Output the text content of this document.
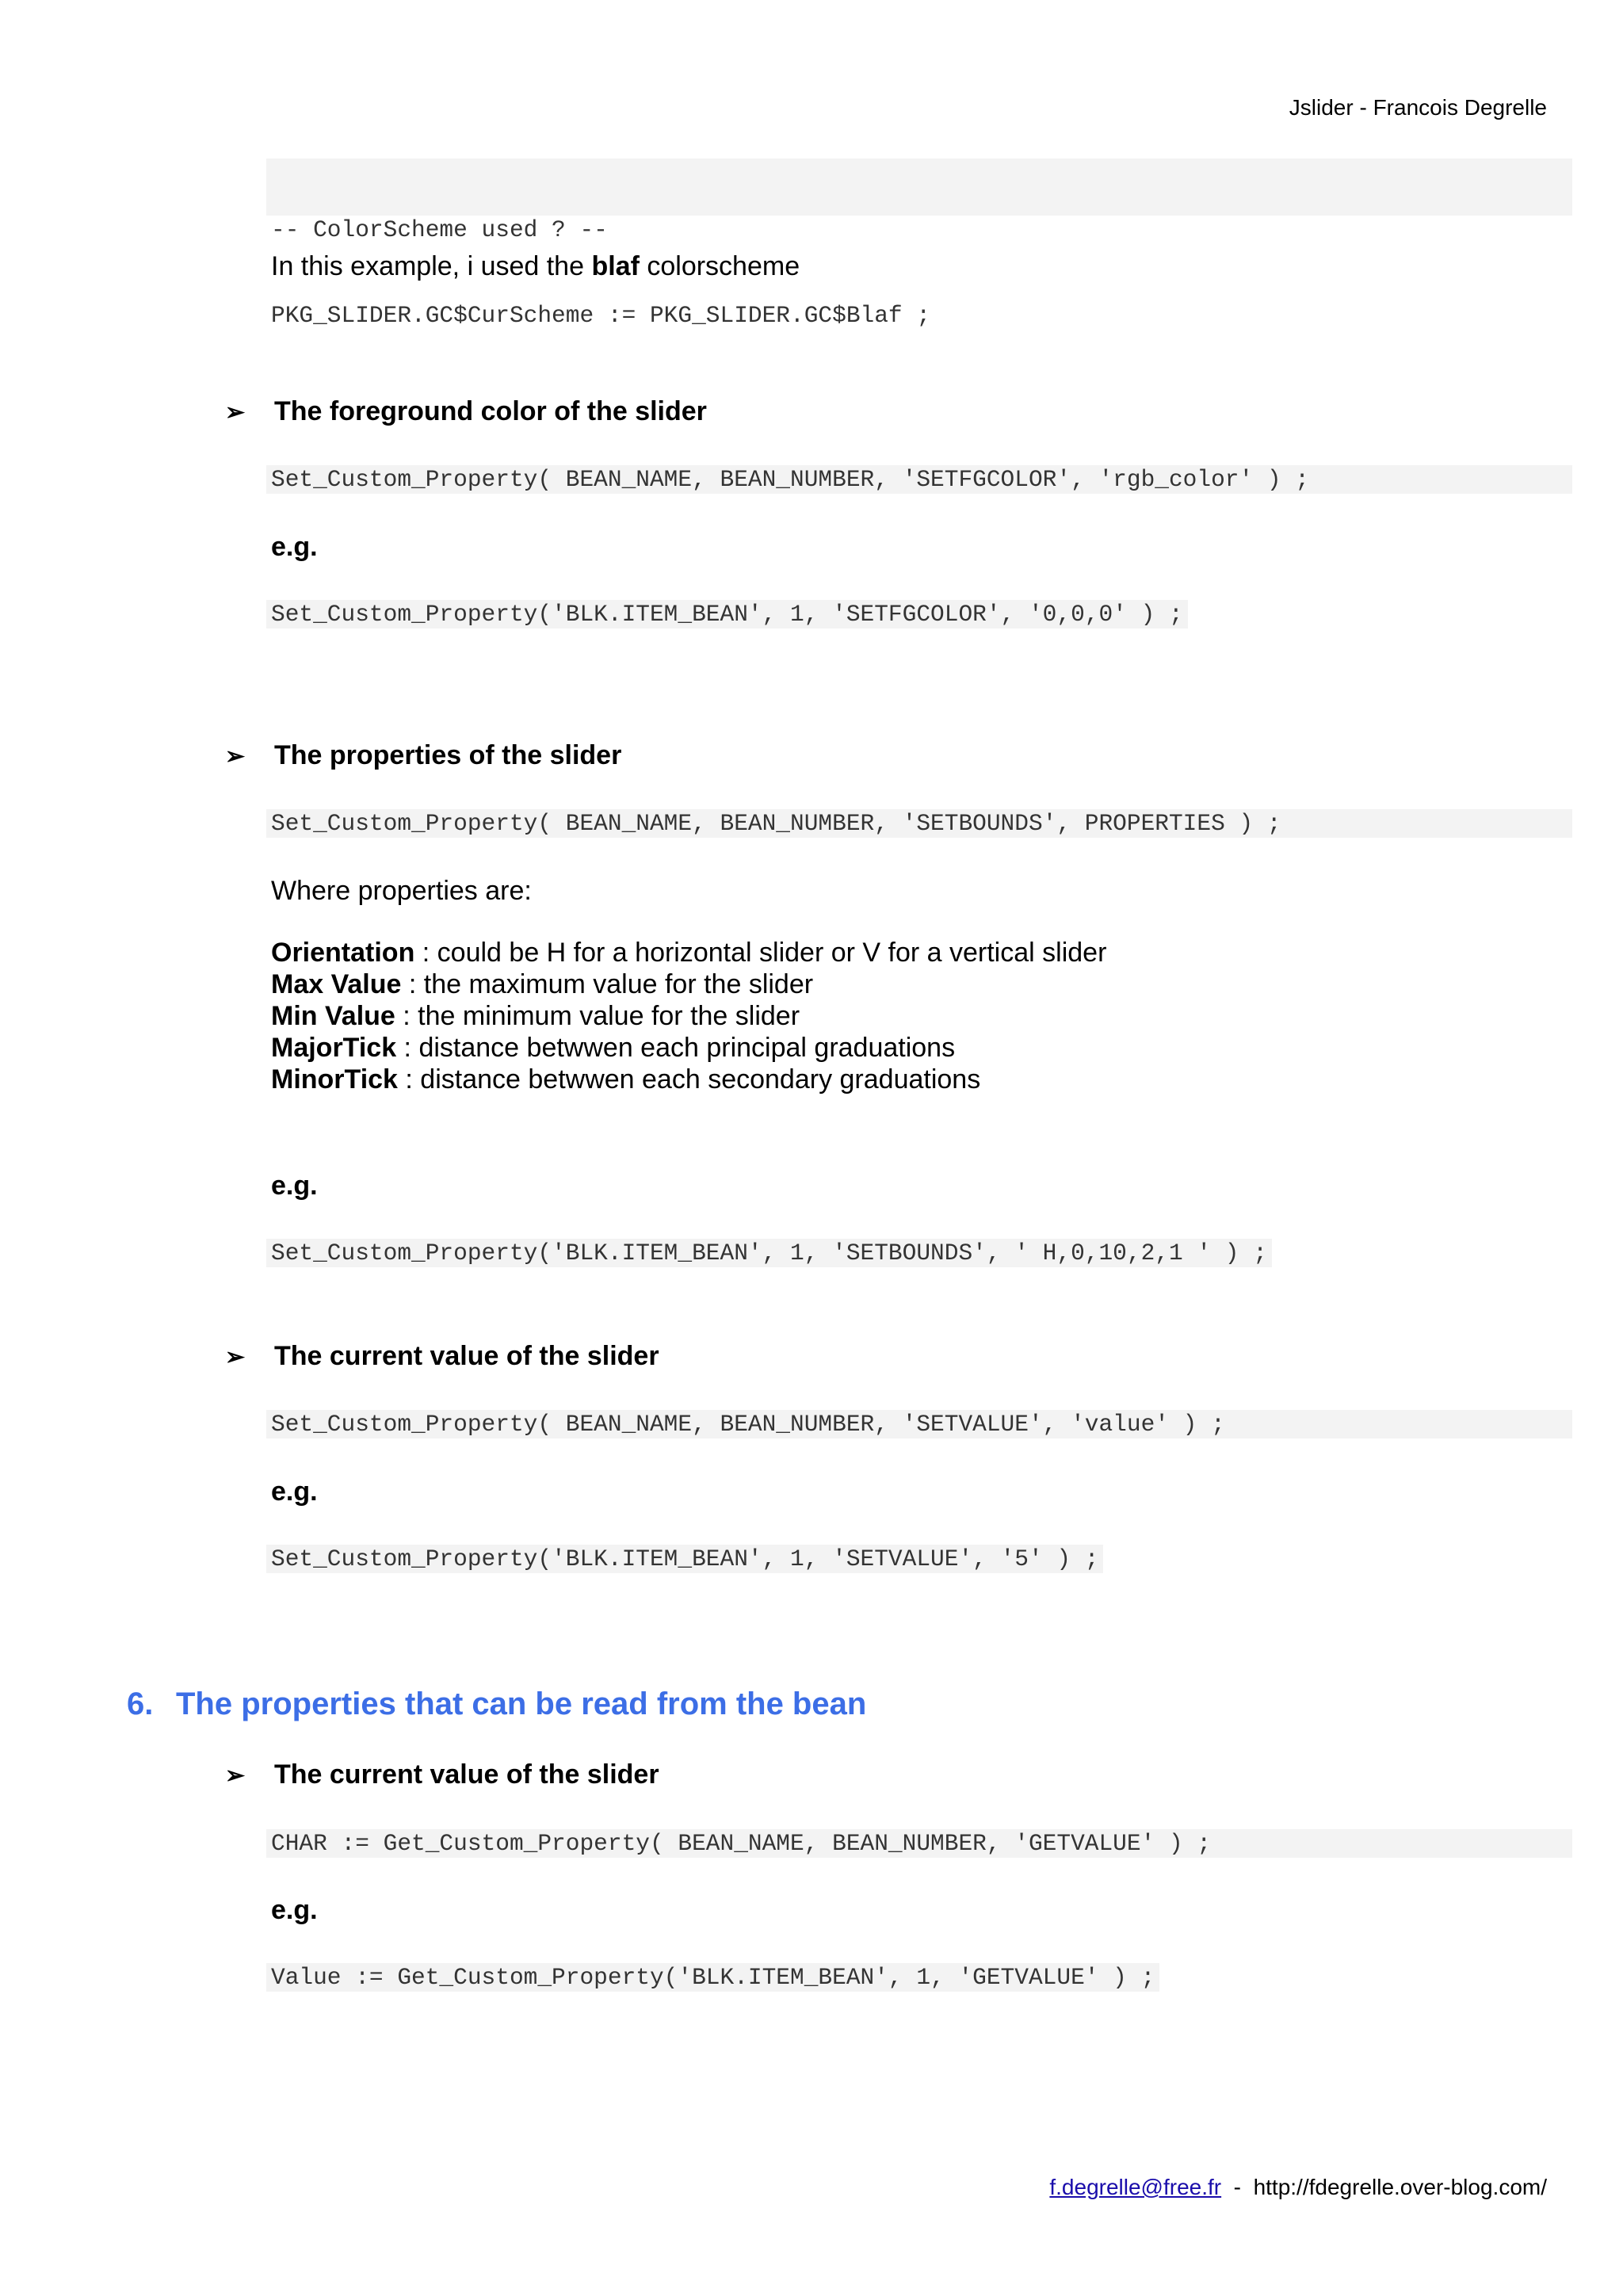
Jslider - Francois Degrelle

-- ColorScheme used ? --

PKG_SLIDER.GC$CurScheme := PKG_SLIDER.GC$Blaf ;

In this example, i used the blaf colorscheme
➢ The foreground color of the slider
Set_Custom_Property( BEAN_NAME, BEAN_NUMBER, 'SETFGCOLOR', 'rgb_color' ) ;
e.g.
Set_Custom_Property('BLK.ITEM_BEAN', 1, 'SETFGCOLOR', '0,0,0' ) ;
➢ The properties of the slider
Set_Custom_Property( BEAN_NAME, BEAN_NUMBER, 'SETBOUNDS', PROPERTIES ) ;
Where properties are:
Orientation : could be H for a horizontal slider or V for a vertical slider
Max Value : the maximum value for the slider
Min Value : the minimum value for the slider
MajorTick : distance betwwen each principal graduations
MinorTick : distance betwwen each secondary graduations
e.g.
Set_Custom_Property('BLK.ITEM_BEAN', 1, 'SETBOUNDS', ' H,0,10,2,1 ' ) ;
➢ The current value of the slider
Set_Custom_Property( BEAN_NAME, BEAN_NUMBER, 'SETVALUE', 'value' ) ;
e.g.
Set_Custom_Property('BLK.ITEM_BEAN', 1, 'SETVALUE', '5' ) ;
6. The properties that can be read from the bean
➢ The current value of the slider
CHAR := Get_Custom_Property( BEAN_NAME, BEAN_NUMBER, 'GETVALUE' ) ;
e.g.
Value := Get_Custom_Property('BLK.ITEM_BEAN', 1, 'GETVALUE' ) ;
f.degrelle@free.fr  -  http://fdegrelle.over-blog.com/
